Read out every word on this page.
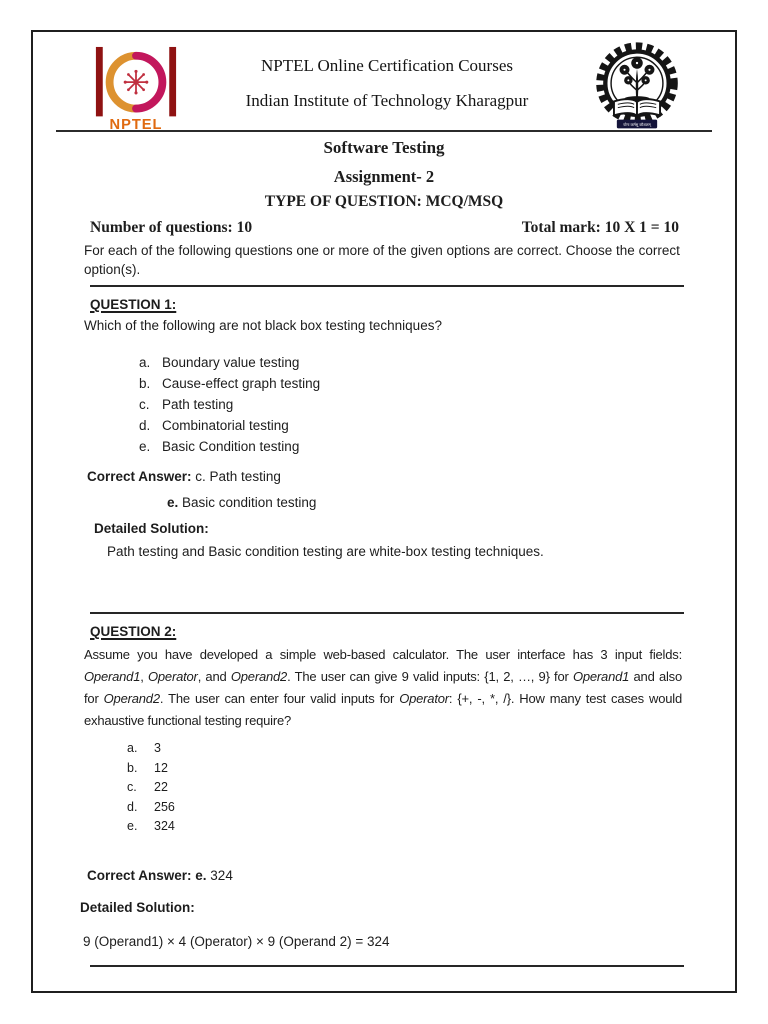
NPTEL
NPTEL Online Certification Courses
Indian Institute of Technology Kharagpur
योगः कर्मसु कौशलम्
Software Testing
Assignment- 2
TYPE OF QUESTION: MCQ/MSQ
Number of questions: 10	Total mark: 10 X 1 = 10
For each of the following questions one or more of the given options are correct. Choose the correct option(s).
QUESTION 1:
Which of the following are not black box testing techniques?
a. Boundary value testing
b. Cause-effect graph testing
c. Path testing
d. Combinatorial testing
e. Basic Condition testing
Correct Answer: c. Path testing
e. Basic condition testing
Detailed Solution:
Path testing and Basic condition testing are white-box testing techniques.
QUESTION 2:
Assume you have developed a simple web-based calculator. The user interface has 3 input fields: Operand1, Operator, and Operand2. The user can give 9 valid inputs: {1, 2, …, 9} for Operand1 and also for Operand2. The user can enter four valid inputs for Operator: {+, -, *, /}. How many test cases would exhaustive functional testing require?
a. 3
b. 12
c. 22
d. 256
e. 324
Correct Answer: e. 324
Detailed Solution:
9 (Operand1) × 4 (Operator) × 9 (Operand 2) = 324
